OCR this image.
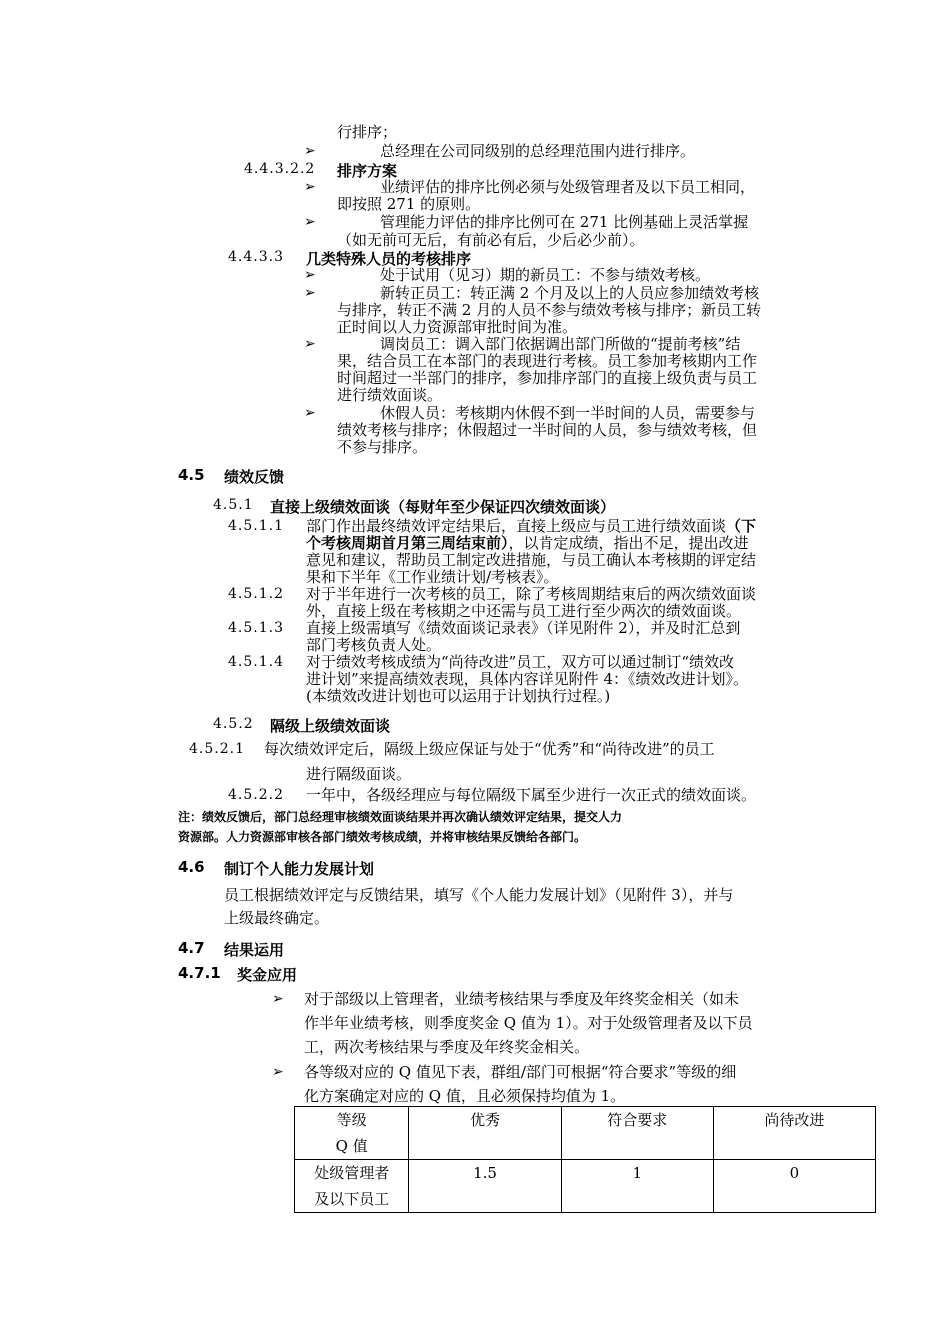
行排序；
➢	总经理在公司同级别的总经理范围内进行排序。
4.4.3.2.2 排序方案
➢	业绩评估的排序比例必须与处级管理者及以下员工相同，
即按照 271 的原则。
➢	管理能力评估的排序比例可在 271 比例基础上灵活掌握
（如无前可无后，有前必有后，少后必少前）。
4.4.3.3 几类特殊人员的考核排序
➢	处于试用（见习）期的新员工：不参与绩效考核。
➢	新转正员工：转正满 2 个月及以上的人员应参加绩效考核
与排序，转正不满 2 月的人员不参与绩效考核与排序；新员工转
正时间以人力资源部审批时间为准。
➢	调岗员工：调入部门依据调出部门所做的“提前考核”结
果，结合员工在本部门的表现进行考核。员工参加考核期内工作
时间超过一半部门的排序，参加排序部门的直接上级负责与员工
进行绩效面谈。
➢	休假人员：考核期内休假不到一半时间的人员，需要参与
绩效考核与排序；休假超过一半时间的人员，参与绩效考核，但
不参与排序。
4.5 绩效反馈
4.5.1 直接上级绩效面谈（每财年至少保证四次绩效面谈）
4.5.1.1 部门作出最终绩效评定结果后，直接上级应与员工进行绩效面谈（下
个考核周期首月第三周结束前），以肯定成绩，指出不足，提出改进
意见和建议，帮助员工制定改进措施，与员工确认本考核期的评定结
果和下半年《工作业绩计划/考核表》。
4.5.1.2 对于半年进行一次考核的员工，除了考核周期结束后的两次绩效面谈
外，直接上级在考核期之中还需与员工进行至少两次的绩效面谈。
4.5.1.3 直接上级需填写《绩效面谈记录表》（详见附件 2），并及时汇总到
部门考核负责人处。
4.5.1.4 对于绩效考核成绩为“尚待改进”员工，双方可以通过制订“绩效改
进计划”来提高绩效表现，具体内容详见附件 4：《绩效改进计划》。
(本绩效改进计划也可以运用于计划执行过程。)
4.5.2 隔级上级绩效面谈
4.5.2.1 每次绩效评定后，隔级上级应保证与处于“优秀”和“尚待改进”的员工
进行隔级面谈。
4.5.2.2 一年中，各级经理应与每位隔级下属至少进行一次正式的绩效面谈。
注：绩效反馈后，部门总经理审核绩效面谈结果并再次确认绩效评定结果，提交人力
资源部。人力资源部审核各部门绩效考核成绩，并将审核结果反馈给各部门。
4.6 制订个人能力发展计划
员工根据绩效评定与反馈结果，填写《个人能力发展计划》（见附件 3），并与
上级最终确定。
4.7 结果运用
4.7.1 奖金应用
➢ 对于部级以上管理者，业绩考核结果与季度及年终奖金相关（如未
作半年业绩考核，则季度奖金 Q 值为 1）。对于处级管理者及以下员
工，两次考核结果与季度及年终奖金相关。
➢ 各等级对应的 Q 值见下表，群组/部门可根据“符合要求”等级的细
化方案确定对应的 Q 值，且必须保持均值为 1。
等级
Q 值	优秀	符合要求	尚待改进

处级管理者
及以下员工	1.5	1	0
